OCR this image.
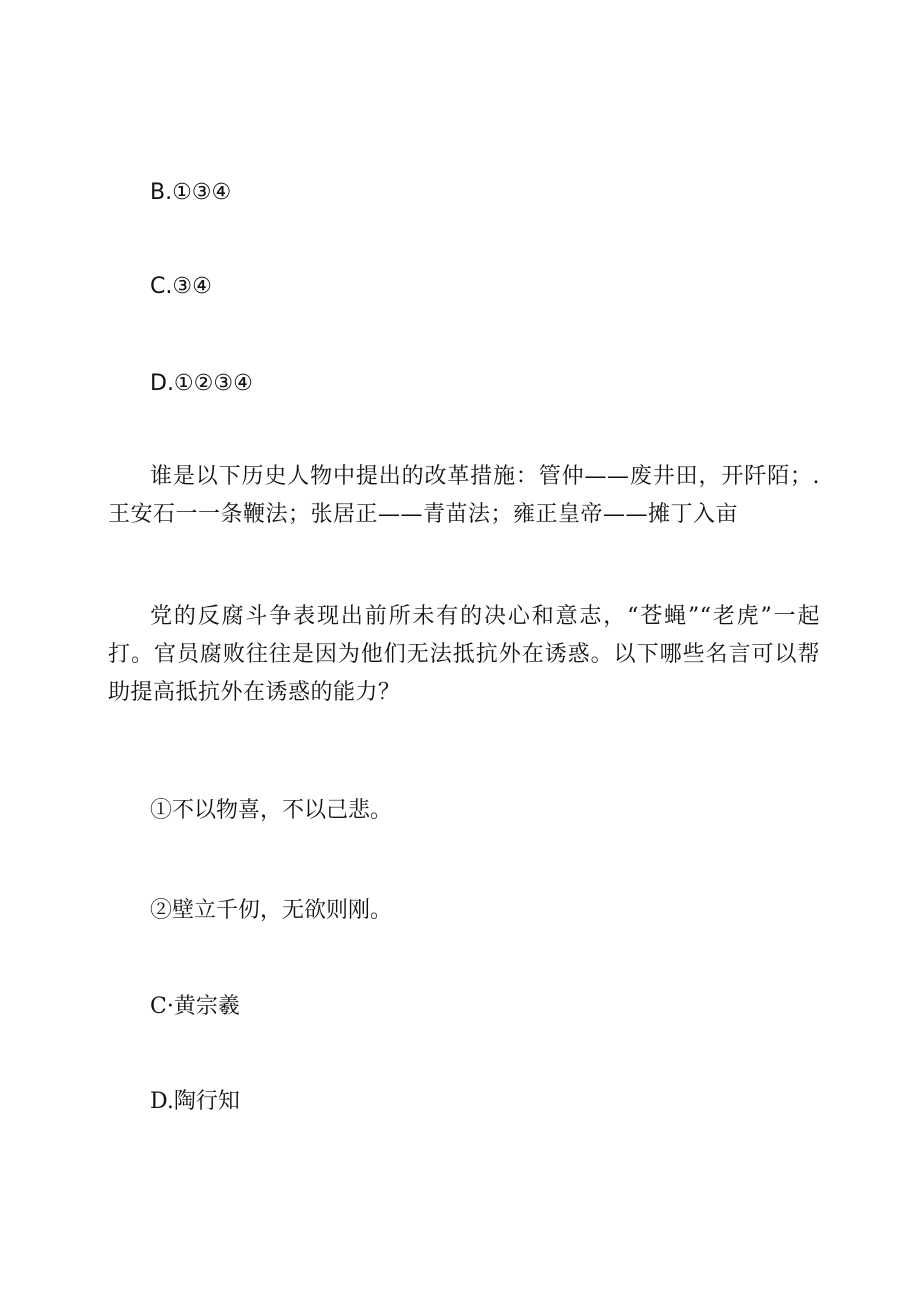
B.①③④
C.③④
D.①②③④
谁是以下历史人物中提出的改革措施：管仲——废井田，开阡陌；.王安石一一条鞭法；张居正——青苗法；雍正皇帝——摊丁入亩
党的反腐斗争表现出前所未有的决心和意志，“苍蝇”“老虎”一起打。官员腐败往往是因为他们无法抵抗外在诱惑。以下哪些名言可以帮助提高抵抗外在诱惑的能力？
①不以物喜，不以己悲。
②壁立千仞，无欲则刚。
C·黄宗羲
D.陶行知
